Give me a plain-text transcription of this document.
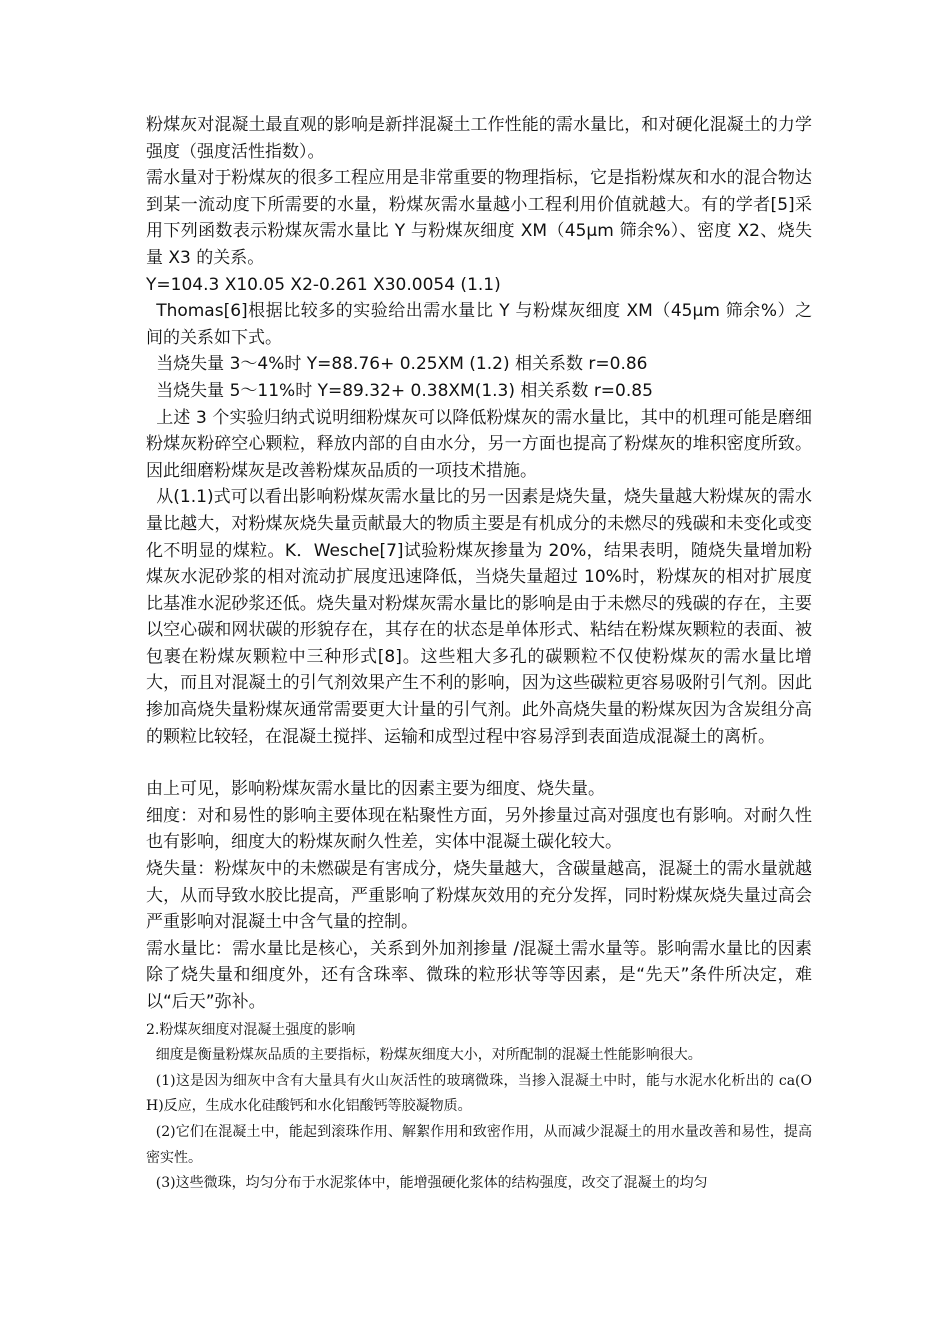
粉煤灰对混凝土最直观的影响是新拌混凝土工作性能的需水量比，和对硬化混凝土的力学强度（强度活性指数）。

需水量对于粉煤灰的很多工程应用是非常重要的物理指标，它是指粉煤灰和水的混合物达到某一流动度下所需要的水量，粉煤灰需水量越小工程利用价值就越大。有的学者[5]采用下列函数表示粉煤灰需水量比 Y 与粉煤灰细度 XM（45μm 筛余%）、密度 X2、烧失量 X3 的关系。

Y=104.3 X10.05 X2-0.261 X30.0054 (1.1)

Thomas[6]根据比较多的实验给出需水量比 Y 与粉煤灰细度 XM（45μm 筛余%）之间的关系如下式。

当烧失量 3～4%时 Y=88.76+ 0.25XM (1.2) 相关系数 r=0.86

当烧失量 5～11%时 Y=89.32+ 0.38XM(1.3) 相关系数 r=0.85

上述 3 个实验归纳式说明细粉煤灰可以降低粉煤灰的需水量比，其中的机理可能是磨细粉煤灰粉碎空心颗粒，释放内部的自由水分，另一方面也提高了粉煤灰的堆积密度所致。因此细磨粉煤灰是改善粉煤灰品质的一项技术措施。

从(1.1)式可以看出影响粉煤灰需水量比的另一因素是烧失量，烧失量越大粉煤灰的需水量比越大，对粉煤灰烧失量贡献最大的物质主要是有机成分的未燃尽的残碳和未变化或变化不明显的煤粒。K．Wesche[7]试验粉煤灰掺量为 20%，结果表明，随烧失量增加粉煤灰水泥砂浆的相对流动扩展度迅速降低，当烧失量超过 10%时，粉煤灰的相对扩展度比基准水泥砂浆还低。烧失量对粉煤灰需水量比的影响是由于未燃尽的残碳的存在，主要以空心碳和网状碳的形貌存在，其存在的状态是单体形式、粘结在粉煤灰颗粒的表面、被包裹在粉煤灰颗粒中三种形式[8]。这些粗大多孔的碳颗粒不仅使粉煤灰的需水量比增大，而且对混凝土的引气剂效果产生不利的影响，因为这些碳粒更容易吸附引气剂。因此掺加高烧失量粉煤灰通常需要更大计量的引气剂。此外高烧失量的粉煤灰因为含炭组分高的颗粒比较轻，在混凝土搅拌、运输和成型过程中容易浮到表面造成混凝土的离析。

由上可见，影响粉煤灰需水量比的因素主要为细度、烧失量。

细度：对和易性的影响主要体现在粘聚性方面，另外掺量过高对强度也有影响。对耐久性也有影响，细度大的粉煤灰耐久性差，实体中混凝土碳化较大。

烧失量：粉煤灰中的未燃碳是有害成分，烧失量越大，含碳量越高，混凝土的需水量就越大，从而导致水胶比提高，严重影响了粉煤灰效用的充分发挥，同时粉煤灰烧失量过高会严重影响对混凝土中含气量的控制。

需水量比：需水量比是核心，关系到外加剂掺量 /混凝土需水量等。影响需水量比的因素除了烧失量和细度外，还有含珠率、微珠的粒形状等等因素，是“先天”条件所决定，难以“后天”弥补。

2.粉煤灰细度对混凝土强度的影响

细度是衡量粉煤灰品质的主要指标，粉煤灰细度大小，对所配制的混凝土性能影响很大。

(1)这是因为细灰中含有大量具有火山灰活性的玻璃微珠，当掺入混凝土中时，能与水泥水化析出的 ca(OH)反应，生成水化硅酸钙和水化铝酸钙等胶凝物质。

(2)它们在混凝土中，能起到滚珠作用、解絮作用和致密作用，从而减少混凝土的用水量改善和易性，提高密实性。

(3)这些微珠，均匀分布于水泥浆体中，能增强硬化浆体的结构强度，改交了混凝土的均匀
